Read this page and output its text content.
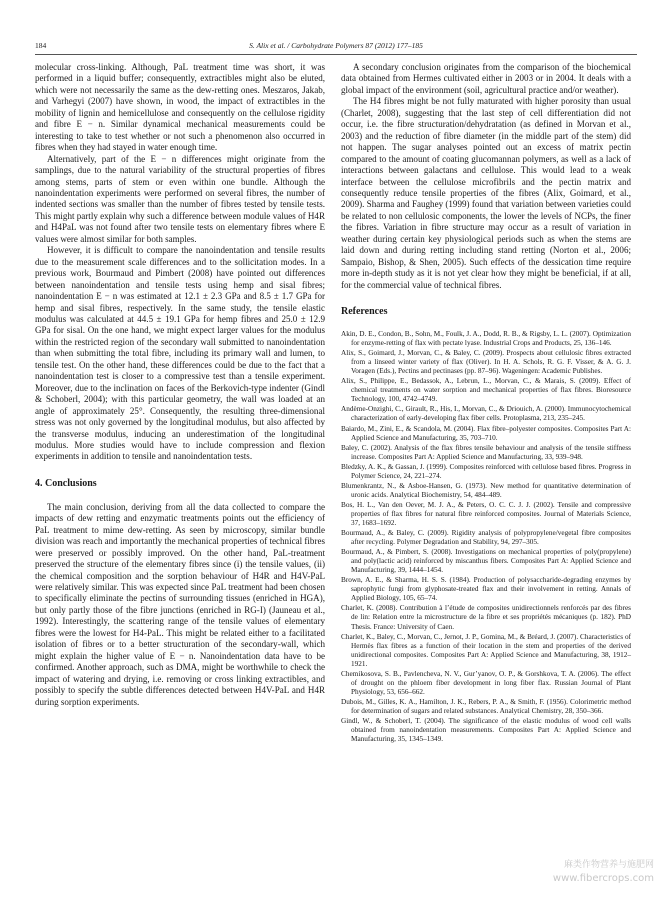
184	S. Alix et al. / Carbohydrate Polymers 87 (2012) 177–185

molecular cross-linking. Although, PaL treatment time was short, it was performed in a liquid buffer; consequently, extractibles might also be eluted, which were not necessarily the same as the dew-retting ones. Meszaros, Jakab, and Varhegyi (2007) have shown, in wood, the impact of extractibles in the mobility of lignin and hemicellulose and consequently on the cellulose rigidity and fibre E − n. Similar dynamical mechanical measurements could be interesting to take to test whether or not such a phenomenon also occurred in fibres when they had stayed in water enough time.

Alternatively, part of the E − n differences might originate from the samplings, due to the natural variability of the structural properties of fibres among stems, parts of stem or even within one bundle. Although the nanoindentation experiments were performed on several fibres, the number of indented sections was smaller than the number of fibres tested by tensile tests. This might partly explain why such a difference between module values of H4R and H4PaL was not found after two tensile tests on elementary fibres where E values were almost similar for both samples.

However, it is difficult to compare the nanoindentation and tensile results due to the measurement scale differences and to the sollicitation modes. In a previous work, Bourmaud and Pimbert (2008) have pointed out differences between nanoindentation and tensile tests using hemp and sisal fibres; nanoindentation E − n was estimated at 12.1 ± 2.3 GPa and 8.5 ± 1.7 GPa for hemp and sisal fibres, respectively. In the same study, the tensile elastic modulus was calculated at 44.5 ± 19.1 GPa for hemp fibres and 25.0 ± 12.9 GPa for sisal. On the one hand, we might expect larger values for the modulus within the restricted region of the secondary wall submitted to nanoindentation than when submitting the total fibre, including its primary wall and lumen, to tensile test. On the other hand, these differences could be due to the fact that a nanoindentation test is closer to a compressive test than a tensile experiment. Moreover, due to the inclination on faces of the Berkovich-type indenter (Gindl & Schoberl, 2004); with this particular geometry, the wall was loaded at an angle of approximately 25°. Consequently, the resulting three-dimensional stress was not only governed by the longitudinal modulus, but also affected by the transverse modulus, inducing an underestimation of the longitudinal modulus. More studies would have to include compression and flexion experiments in addition to tensile and nanoindentation tests.

4. Conclusions

The main conclusion, deriving from all the data collected to compare the impacts of dew retting and enzymatic treatments points out the efficiency of PaL treatment to mime dew-retting. As seen by microscopy, similar bundle division was reach and importantly the mechanical properties of technical fibres were preserved or possibly improved. On the other hand, PaL-treatment preserved the structure of the elementary fibres since (i) the tensile values, (ii) the chemical composition and the sorption behaviour of H4R and H4V-PaL were relatively similar. This was expected since PaL treatment had been chosen to specifically eliminate the pectins of surrounding tissues (enriched in HGA), but only partly those of the fibre junctions (enriched in RG-I) (Jauneau et al., 1992). Interestingly, the scattering range of the tensile values of elementary fibres were the lowest for H4-PaL. This might be related either to a facilitated isolation of fibres or to a better structuration of the secondary-wall, which might explain the higher value of E − n. Nanoindentation data have to be confirmed. Another approach, such as DMA, might be worthwhile to check the impact of watering and drying, i.e. removing or cross linking extractibles, and possibly to specify the subtle differences detected between H4V-PaL and H4R during sorption experiments.

A secondary conclusion originates from the comparison of the biochemical data obtained from Hermes cultivated either in 2003 or in 2004. It deals with a global impact of the environment (soil, agricultural practice and/or weather).

The H4 fibres might be not fully maturated with higher porosity than usual (Charlet, 2008), suggesting that the last step of cell differentiation did not occur, i.e. the fibre structuration/dehydratation (as defined in Morvan et al., 2003) and the reduction of fibre diameter (in the middle part of the stem) did not happen. The sugar analyses pointed out an excess of matrix pectin compared to the amount of coating glucomannan polymers, as well as a lack of interactions between galactans and cellulose. This would lead to a weak interface between the cellulose microfibrils and the pectin matrix and consequently reduce tensile properties of the fibres (Alix, Goimard, et al., 2009). Sharma and Faughey (1999) found that variation between varieties could be related to non cellulosic components, the lower the levels of NCPs, the finer the fibres. Variation in fibre structure may occur as a result of variation in weather during certain key physiological periods such as when the stems are laid down and during retting including stand retting (Norton et al., 2006; Sampaio, Bishop, & Shen, 2005). Such effects of the dessication time require more in-depth study as it is not yet clear how they might be beneficial, if at all, for the commercial value of technical fibres.

References
Akin, D. E., Condon, B., Sohn, M., Foulk, J. A., Dodd, R. B., & Rigsby, L. L. (2007). Optimization for enzyme-retting of flax with pectate lyase. Industrial Crops and Products, 25, 136–146.
Alix, S., Goimard, J., Morvan, C., & Baley, C. (2009). Prospects about cellulosic fibres extracted from a linseed winter variety of flax (Oliver). In H. A. Schols, R. G. F. Visser, & A. G. J. Voragen (Eds.), Pectins and pectinases (pp. 87–96). Wageningen: Academic Publishes.
Alix, S., Philippe, E., Bedassok, A., Lebrun, L., Morvan, C., & Marais, S. (2009). Effect of chemical treatments on water sorption and mechanical properties of flax fibres. Bioresource Technology, 100, 4742–4749.
Andème-Onzighi, C., Girault, R., His, I., Morvan, C., & Driouich, A. (2000). Immunocytochemical characterization of early-developing flax fiber cells. Protoplasma, 213, 235–245.
Baiardo, M., Zini, E., & Scandola, M. (2004). Flax fibre–polyester composites. Composites Part A: Applied Science and Manufacturing, 35, 703–710.
Baley, C. (2002). Analysis of the flax fibres tensile behaviour and analysis of the tensile stiffness increase. Composites Part A: Applied Science and Manufacturing, 33, 939–948.
Bledzky, A. K., & Gassan, J. (1999). Composites reinforced with cellulose based fibres. Progress in Polymer Science, 24, 221–274.
Blumenkrantz, N., & Asboe-Hansen, G. (1973). New method for quantitative determination of uronic acids. Analytical Biochemistry, 54, 484–489.
Bos, H. L., Van den Oever, M. J. A., & Peters, O. C. C. J. J. (2002). Tensile and compressive properties of flax fibres for natural fibre reinforced composites. Journal of Materials Science, 37, 1683–1692.
Bourmaud, A., & Baley, C. (2009). Rigidity analysis of polypropylene/vegetal fibre composites after recycling. Polymer Degradation and Stability, 94, 297–305.
Bourmaud, A., & Pimbert, S. (2008). Investigations on mechanical properties of poly(propylene) and poly(lactic acid) reinforced by miscanthus fibers. Composites Part A: Applied Science and Manufacturing, 39, 1444–1454.
Brown, A. E., & Sharma, H. S. S. (1984). Production of polysaccharide-degrading enzymes by saprophytic fungi from glyphosate-treated flax and their involvement in retting. Annals of Applied Biology, 105, 65–74.
Charlet, K. (2008). Contribution à l’étude de composites unidirectionnels renforcés par des fibres de lin: Relation entre la microstructure de la fibre et ses propriétés mécaniques (p. 182). PhD Thesis. France: University of Caen.
Charlet, K., Baley, C., Morvan, C., Jernot, J. P., Gomina, M., & Bréard, J. (2007). Characteristics of Hermès flax fibres as a function of their location in the stem and properties of the derived unidirectional composites. Composites Part A: Applied Science and Manufacturing, 38, 1912–1921.
Chemikosova, S. B., Pavlencheva, N. V., Gur’yanov, O. P., & Gorshkova, T. A. (2006). The effect of drought on the phloem fiber development in long fiber flax. Russian Journal of Plant Physiology, 53, 656–662.
Dubois, M., Gilles, K. A., Hamilton, J. K., Rebers, P. A., & Smith, F. (1956). Colorimetric method for determination of sugars and related substances. Analytical Chemistry, 28, 350–366.
Gindl, W., & Schoberl, T. (2004). The significance of the elastic modulus of wood cell walls obtained from nanoindentation measurements. Composites Part A: Applied Science and Manufacturing, 35, 1345–1349.
麻类作物营养与施肥网
www.fibercrops.com
